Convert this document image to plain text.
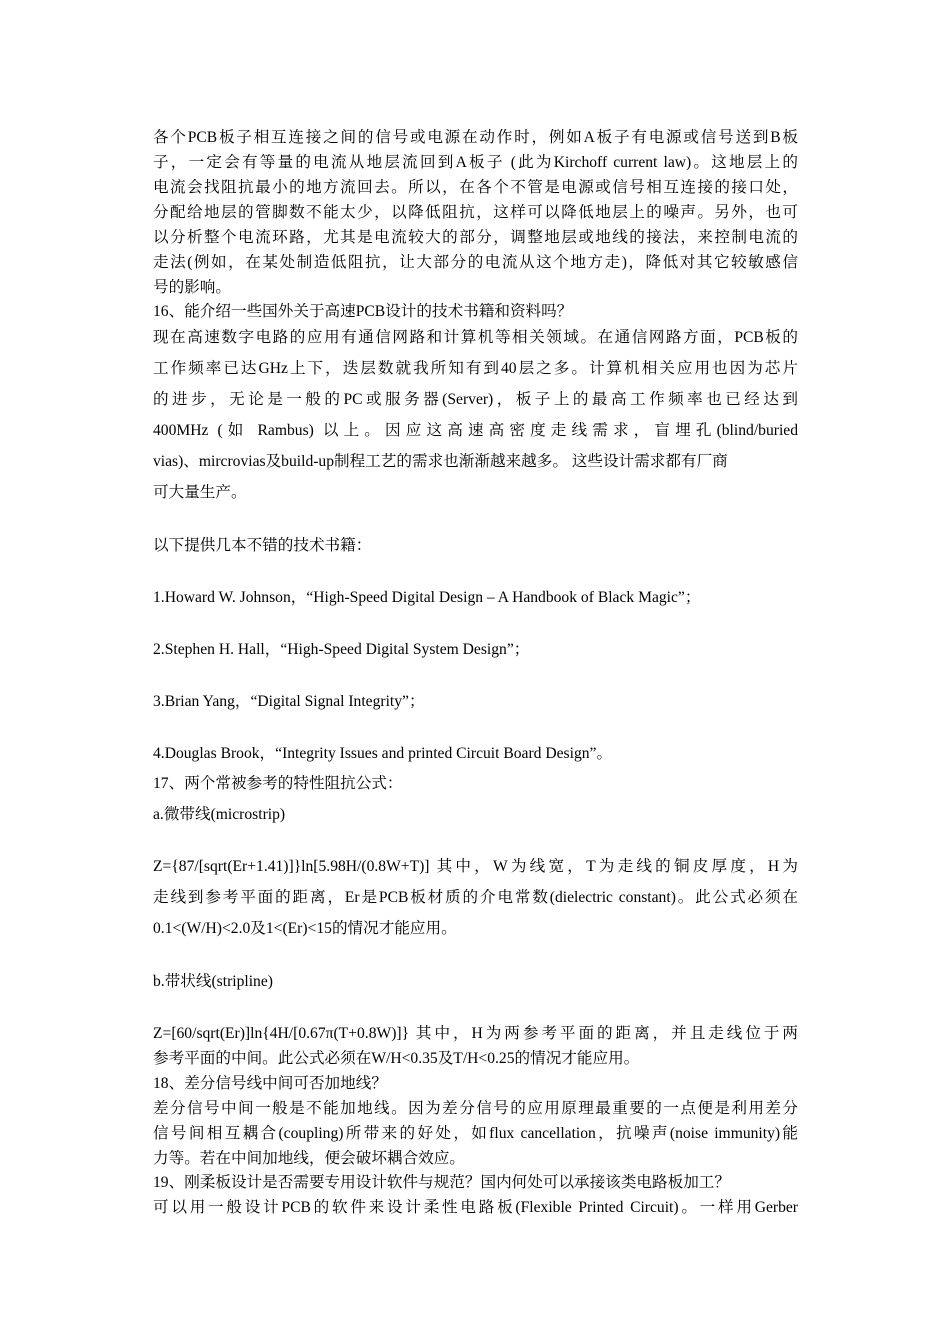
各个PCB板子相互连接之间的信号或电源在动作时，例如A板子有电源或信号送到B板
子，一定会有等量的电流从地层流回到A板子 (此为Kirchoff current law)。这地层上的
电流会找阻抗最小的地方流回去。所以，在各个不管是电源或信号相互连接的接口处，
分配给地层的管脚数不能太少，以降低阻抗，这样可以降低地层上的噪声。另外，也可
以分析整个电流环路，尤其是电流较大的部分，调整地层或地线的接法，来控制电流的
走法(例如，在某处制造低阻抗，让大部分的电流从这个地方走)，降低对其它较敏感信
号的影响。
16、能介绍一些国外关于高速PCB设计的技术书籍和资料吗？
现在高速数字电路的应用有通信网路和计算机等相关领域。在通信网路方面，PCB板的
工作频率已达GHz上下，迭层数就我所知有到40层之多。计算机相关应用也因为芯片
的进步，无论是一般的PC或服务器(Server)，板子上的最高工作频率也已经达到
400MHz (如 Rambus) 以上。因应这高速高密度走线需求，盲埋孔(blind/buried
vias)、mircrovias及build-up制程工艺的需求也渐渐越来越多。 这些设计需求都有厂商
可大量生产。
以下提供几本不错的技术书籍：
1.Howard W. Johnson，“High-Speed Digital Design – A Handbook of Black Magic”；
2.Stephen H. Hall，“High-Speed Digital System Design”；
3.Brian Yang，“Digital Signal Integrity”；
4.Douglas Brook，“Integrity Issues and printed Circuit Board Design”。
17、两个常被参考的特性阻抗公式：
a.微带线(microstrip)
Z={87/[sqrt(Er+1.41)]}ln[5.98H/(0.8W+T)] 其中，W为线宽，T为走线的铜皮厚度，H为
走线到参考平面的距离，Er是PCB板材质的介电常数(dielectric constant)。此公式必须在
0.1<(W/H)<2.0及1<(Er)<15的情况才能应用。
b.带状线(stripline)
Z=[60/sqrt(Er)]ln{4H/[0.67π(T+0.8W)]} 其中，H为两参考平面的距离，并且走线位于两
参考平面的中间。此公式必须在W/H<0.35及T/H<0.25的情况才能应用。
18、差分信号线中间可否加地线？
差分信号中间一般是不能加地线。因为差分信号的应用原理最重要的一点便是利用差分
信号间相互耦合(coupling)所带来的好处，如flux cancellation，抗噪声(noise immunity)能
力等。若在中间加地线，便会破坏耦合效应。
19、刚柔板设计是否需要专用设计软件与规范？国内何处可以承接该类电路板加工？
可以用一般设计PCB的软件来设计柔性电路板(Flexible Printed Circuit)。一样用Gerber
